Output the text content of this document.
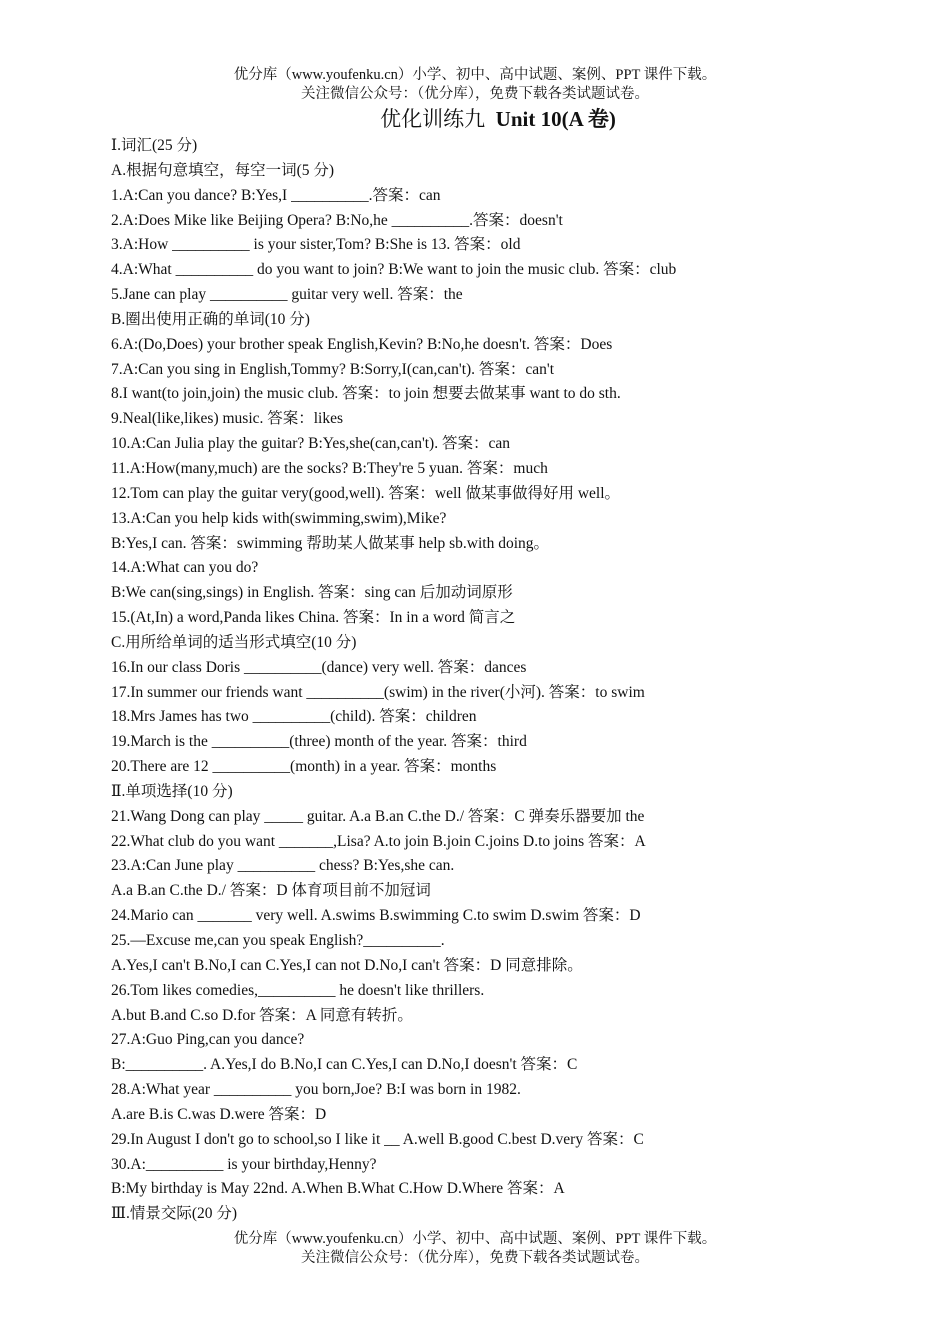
优分库（www.youfenku.cn）小学、初中、高中试题、案例、PPT 课件下载。
关注微信公众号：（优分库），免费下载各类试题试卷。
优化训练九 Unit 10(A 卷)
Ⅰ.词汇(25 分)
A.根据句意填空，每空一词(5 分)
1.A:Can you dance? B:Yes,I __________.答案：can
2.A:Does Mike like Beijing Opera? B:No,he __________.答案：doesn't
3.A:How __________ is your sister,Tom? B:She is 13. 答案：old
4.A:What __________ do you want to join? B:We want to join the music club. 答案：club
5.Jane can play __________ guitar very well. 答案：the
B.圈出使用正确的单词(10 分)
6.A:(Do,Does) your brother speak English,Kevin? B:No,he doesn't. 答案：Does
7.A:Can you sing in English,Tommy? B:Sorry,I(can,can't). 答案：can't
8.I want(to join,join) the music club. 答案：to join 想要去做某事 want to do sth.
9.Neal(like,likes) music. 答案：likes
10.A:Can Julia play the guitar? B:Yes,she(can,can't). 答案：can
11.A:How(many,much) are the socks? B:They're 5 yuan. 答案：much
12.Tom can play the guitar very(good,well). 答案：well 做某事做得好用 well。
13.A:Can you help kids with(swimming,swim),Mike?
B:Yes,I can. 答案：swimming 帮助某人做某事 help sb.with doing。
14.A:What can you do?
B:We can(sing,sings) in English. 答案：sing can 后加动词原形
15.(At,In) a word,Panda likes China. 答案：In in a word 简言之
C.用所给单词的适当形式填空(10 分)
16.In our class Doris __________(dance) very well. 答案：dances
17.In summer our friends want __________(swim) in the river(小河). 答案：to swim
18.Mrs James has two __________(child). 答案：children
19.March is the __________(three) month of the year. 答案：third
20.There are 12 __________(month) in a year. 答案：months
Ⅱ.单项选择(10 分)
21.Wang Dong can play _____ guitar. A.a B.an C.the D./ 答案：C 弹奏乐器要加 the
22.What club do you want _______,Lisa? A.to join B.join C.joins D.to joins 答案：A
23.A:Can June play __________ chess? B:Yes,she can.
A.a B.an C.the D./ 答案：D 体育项目前不加冠词
24.Mario can _______ very well. A.swims B.swimming C.to swim D.swim 答案：D
25.—Excuse me,can you speak English?__________.
A.Yes,I can't B.No,I can C.Yes,I can not D.No,I can't 答案：D 同意排除。
26.Tom likes comedies,__________ he doesn't like thrillers.
A.but B.and C.so D.for 答案：A 同意有转折。
27.A:Guo Ping,can you dance?
B:__________. A.Yes,I do B.No,I can C.Yes,I can D.No,I doesn't 答案：C
28.A:What year __________ you born,Joe? B:I was born in 1982.
A.are B.is C.was D.were 答案：D
29.In August I don't go to school,so I like it __ A.well B.good C.best D.very 答案：C
30.A:__________ is your birthday,Henny?
B:My birthday is May 22nd. A.When B.What C.How D.Where 答案：A
Ⅲ.情景交际(20 分)
优分库（www.youfenku.cn）小学、初中、高中试题、案例、PPT 课件下载。
关注微信公众号：（优分库），免费下载各类试题试卷。
